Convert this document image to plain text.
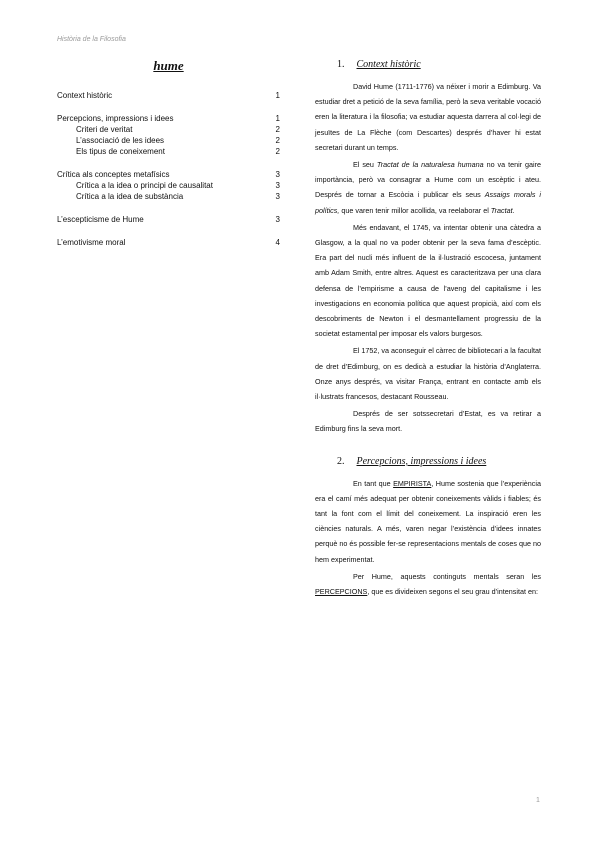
Història de la Filosofia
hume
Context històric	1
Percepcions, impressions i idees	1
Criteri de veritat	2
L’associació de les idees	2
Els tipus de coneixement	2
Crítica als conceptes metafísics	3
Crítica a la idea o principi de causalitat	3
Crítica a la idea de substància	3
L’escepticisme de Hume	3
L’emotivisme moral	4
1. Context històric

David Hume (1711-1776) va néixer i morir a Edimburg. Va estudiar dret a petició de la seva família, però la seva veritable vocació eren la literatura i la filosofia; va estudiar aquesta darrera al col·legi de jesuïtes de La Flèche (com Descartes) després d’haver hi estat secretari durant un temps.

El seu Tractat de la naturalesa humana no va tenir gaire importància, però va consagrar a Hume com un escèptic i ateu. Després de tornar a Escòcia i publicar els seus Assaigs morals i polítics, que varen tenir millor acollida, va reelaborar el Tractat.

Més endavant, el 1745, va intentar obtenir una càtedra a Glasgow, a la qual no va poder obtenir per la seva fama d’escèptic. Era part del nucli més influent de la il·lustració escocesa, juntament amb Adam Smith, entre altres. Aquest es caracteritzava per una clara defensa de l’empirisme a causa de l’aveng del capitalisme i les investigacions en economia política que aquest propicià, així com els descobriments de Newton i el desmantellament progressiu de la societat estamental per imposar els valors burgesos.

El 1752, va aconseguir el càrrec de bibliotecari a la facultat de dret d’Edimburg, on es dedicà a estudiar la història d’Anglaterra. Onze anys després, va visitar França, entrant en contacte amb els il·lustrats francesos, destacant Rousseau.

Després de ser sotssecretari d’Estat, es va retirar a Edimburg fins la seva mort.

2. Percepcions, impressions i idees

En tant que EMPIRISTA, Hume sostenia que l’experiència era el camí més adequat per obtenir coneixements vàlids i fiables; és tant la font com el límit del coneixement. La inspiració eren les ciències naturals. A més, varen negar l’existència d’idees innates perquè no és possible fer-se representacions mentals de coses que no hem experimentat.

Per Hume, aquests continguts mentals seran les PERCEPCIONS, que es divideixen segons el seu grau d’intensitat en:

1
